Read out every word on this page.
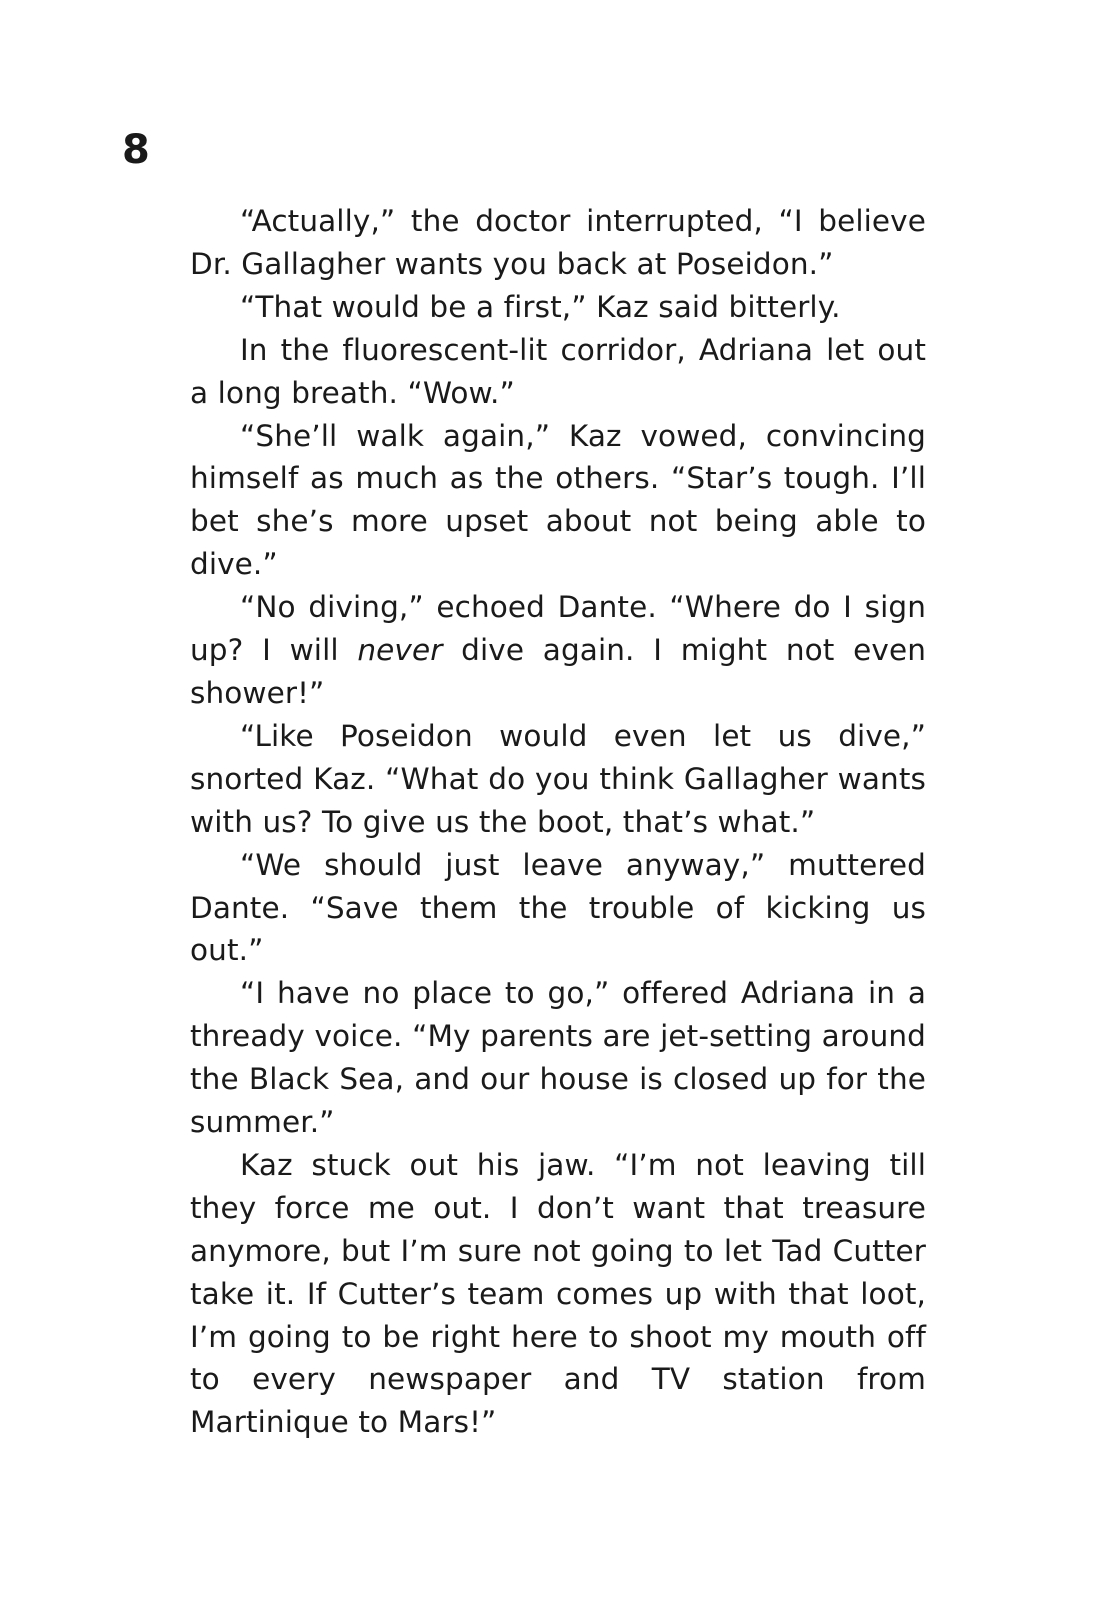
8

“Actually,” the doctor interrupted, “I believe Dr. Gallagher wants you back at Poseidon.”

“That would be a first,” Kaz said bitterly.

In the fluorescent-lit corridor, Adriana let out a long breath. “Wow.”

“She’ll walk again,” Kaz vowed, convincing himself as much as the others. “Star’s tough. I’ll bet she’s more upset about not being able to dive.”

“No diving,” echoed Dante. “Where do I sign up? I will never dive again. I might not even shower!”

“Like Poseidon would even let us dive,” snorted Kaz. “What do you think Gallagher wants with us? To give us the boot, that’s what.”

“We should just leave anyway,” muttered Dante. “Save them the trouble of kicking us out.”

“I have no place to go,” offered Adriana in a thready voice. “My parents are jet-setting around the Black Sea, and our house is closed up for the summer.”

Kaz stuck out his jaw. “I’m not leaving till they force me out. I don’t want that treasure anymore, but I’m sure not going to let Tad Cutter take it. If Cutter’s team comes up with that loot, I’m going to be right here to shoot my mouth off to every newspaper and TV station from Martinique to Mars!”
